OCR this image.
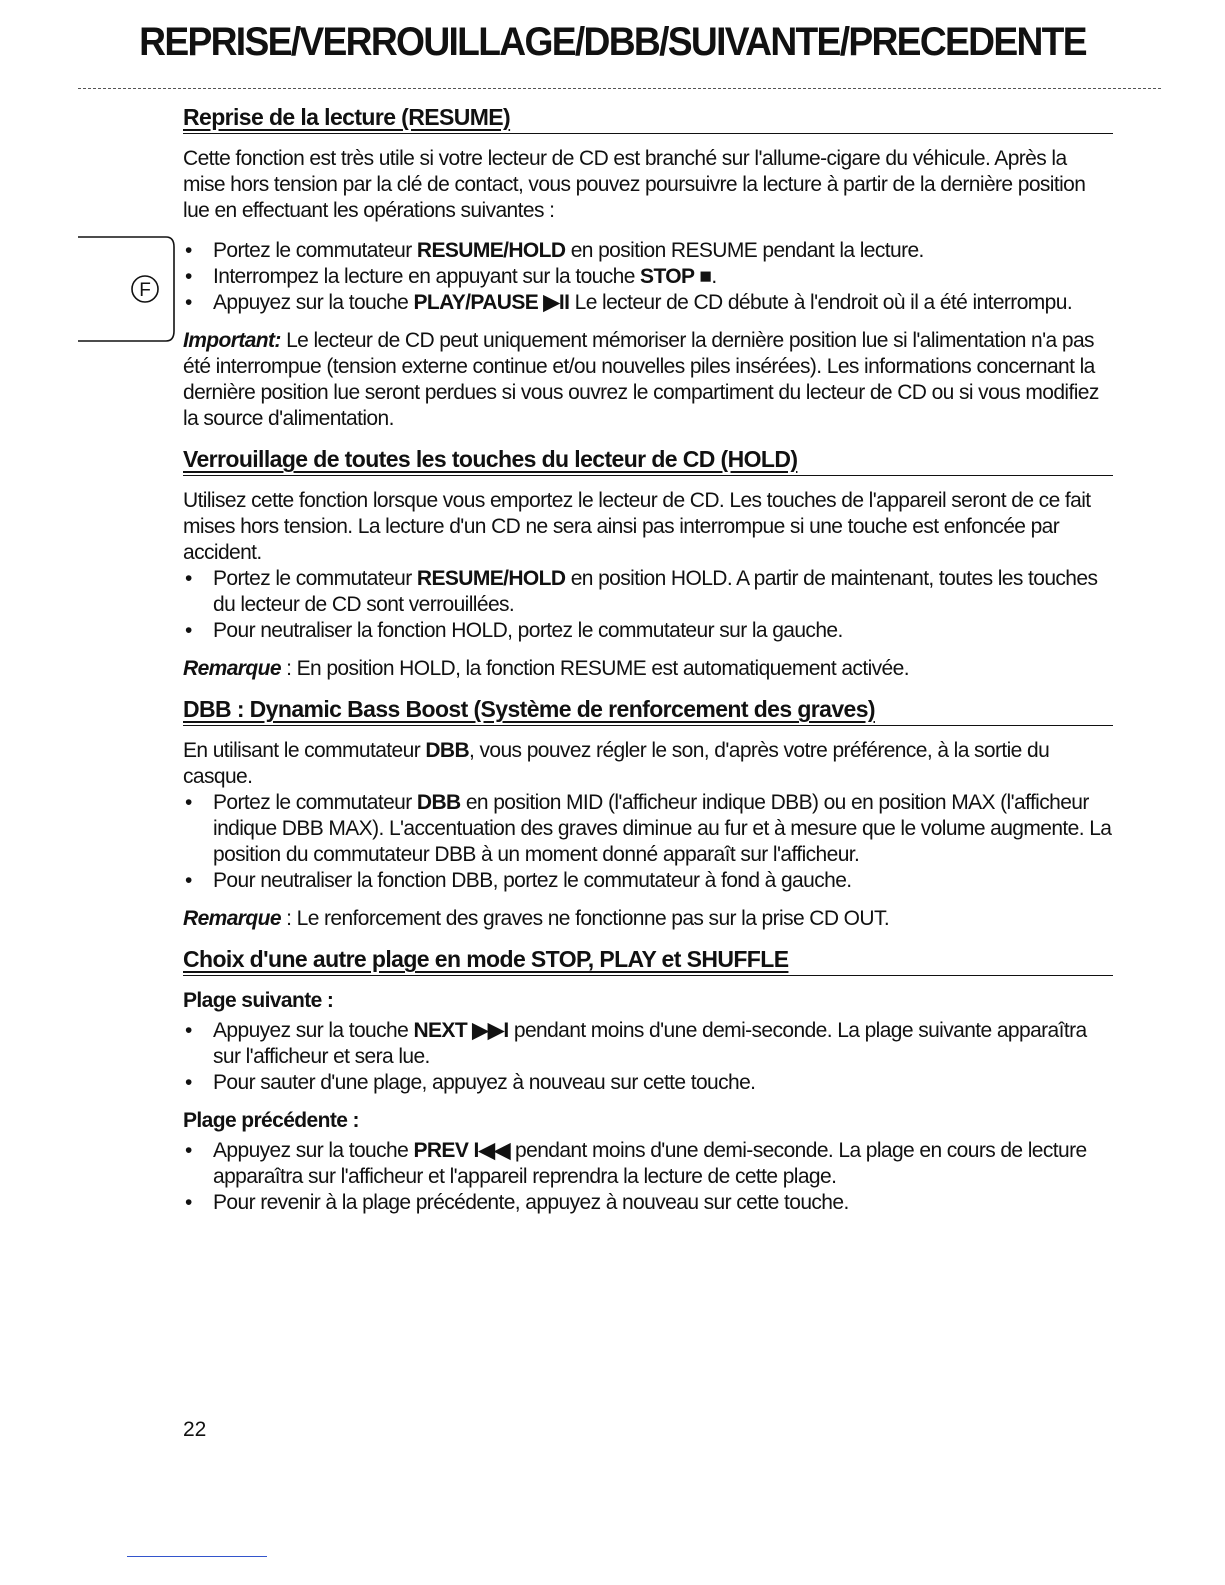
REPRISE/VERROUILLAGE/DBB/SUIVANTE/PRECEDENTE
F
Reprise de la lecture (RESUME)

Cette fonction est très utile si votre lecteur de CD est branché sur l'allume-cigare du véhicule. Après la mise hors tension par la clé de contact, vous pouvez poursuivre la lecture à partir de la dernière position lue en effectuant les opérations suivantes :

• Portez le commutateur RESUME/HOLD en position RESUME pendant la lecture.
• Interrompez la lecture en appuyant sur la touche STOP ■.
• Appuyez sur la touche PLAY/PAUSE ▶II Le lecteur de CD débute à l'endroit où il a été interrompu.

Important: Le lecteur de CD peut uniquement mémoriser la dernière position lue si l'alimentation n'a pas été interrompue (tension externe continue et/ou nouvelles piles insérées). Les informations concernant la dernière position lue seront perdues si vous ouvrez le compartiment du lecteur de CD ou si vous modifiez la source d'alimentation.

Verrouillage de toutes les touches du lecteur de CD (HOLD)

Utilisez cette fonction lorsque vous emportez le lecteur de CD. Les touches de l'appareil seront de ce fait mises hors tension. La lecture d'un CD ne sera ainsi pas interrompue si une touche est enfoncée par accident.

• Portez le commutateur RESUME/HOLD en position HOLD. A partir de maintenant, toutes les touches du lecteur de CD sont verrouillées.
• Pour neutraliser la fonction HOLD, portez le commutateur sur la gauche.

Remarque : En position HOLD, la fonction RESUME est automatiquement activée.

DBB : Dynamic Bass Boost (Système de renforcement des graves)

En utilisant le commutateur DBB, vous pouvez régler le son, d'après votre préférence, à la sortie du casque.

• Portez le commutateur DBB en position MID (l'afficheur indique DBB) ou en position MAX (l'afficheur indique DBB MAX). L'accentuation des graves diminue au fur et à mesure que le volume augmente. La position du commutateur DBB à un moment donné apparaît sur l'afficheur.
• Pour neutraliser la fonction DBB, portez le commutateur à fond à gauche.

Remarque : Le renforcement des graves ne fonctionne pas sur la prise CD OUT.

Choix d'une autre plage en mode STOP, PLAY et SHUFFLE
Plage suivante :
• Appuyez sur la touche NEXT ▶▶I pendant moins d'une demi-seconde. La plage suivante apparaîtra sur l'afficheur et sera lue.
• Pour sauter d'une plage, appuyez à nouveau sur cette touche.
Plage précédente :
• Appuyez sur la touche PREV I◀◀ pendant moins d'une demi-seconde. La plage en cours de lecture apparaîtra sur l'afficheur et l'appareil reprendra la lecture de cette plage.
• Pour revenir à la plage précédente, appuyez à nouveau sur cette touche.
22
